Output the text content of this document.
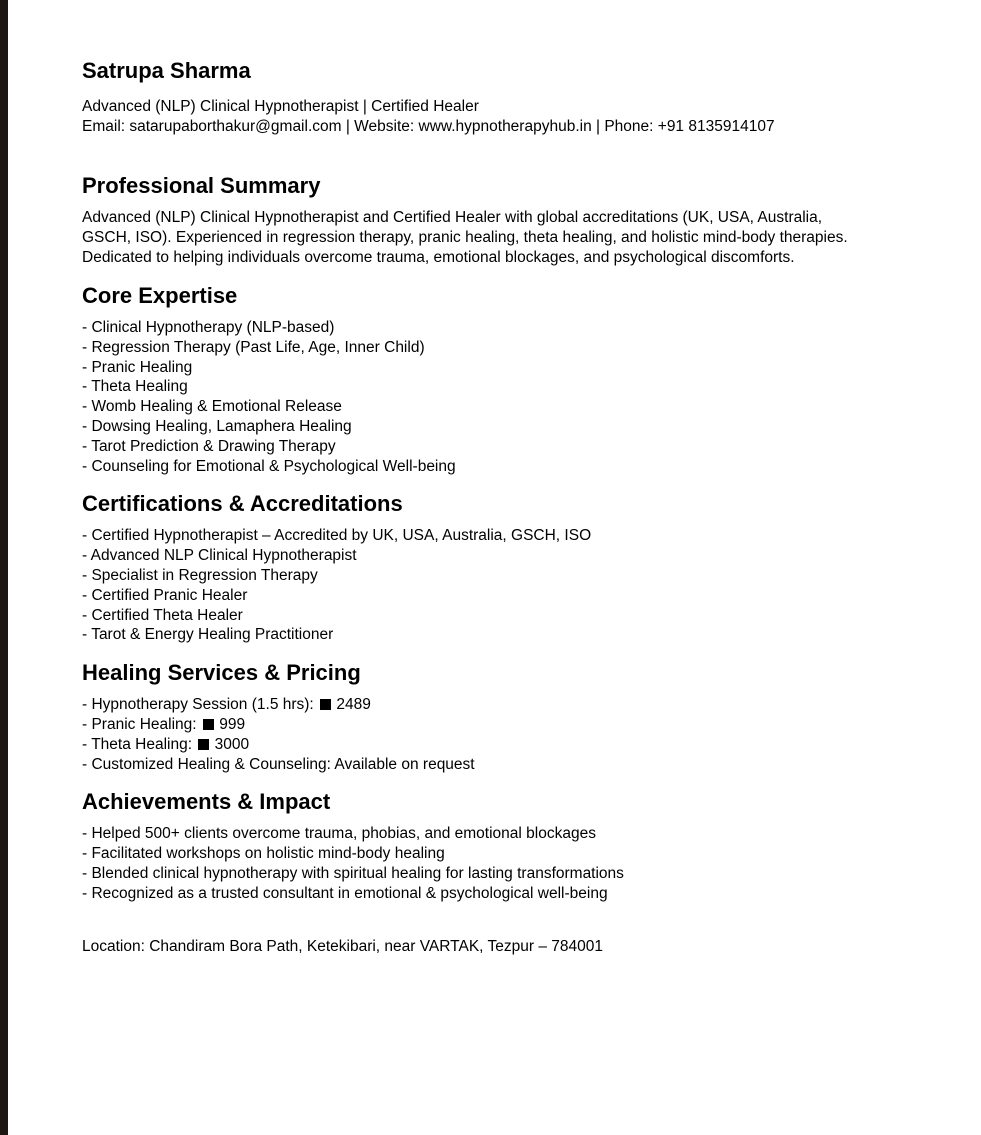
Satrupa Sharma
Advanced (NLP) Clinical Hypnotherapist | Certified Healer
Email: satarupaborthakur@gmail.com | Website: www.hypnotherapyhub.in | Phone: +91 8135914107
Professional Summary
Advanced (NLP) Clinical Hypnotherapist and Certified Healer with global accreditations (UK, USA, Australia,
GSCH, ISO). Experienced in regression therapy, pranic healing, theta healing, and holistic mind-body therapies.
Dedicated to helping individuals overcome trauma, emotional blockages, and psychological discomforts.
Core Expertise
- Clinical Hypnotherapy (NLP-based)
- Regression Therapy (Past Life, Age, Inner Child)
- Pranic Healing
- Theta Healing
- Womb Healing & Emotional Release
- Dowsing Healing, Lamaphera Healing
- Tarot Prediction & Drawing Therapy
- Counseling for Emotional & Psychological Well-being
Certifications & Accreditations
- Certified Hypnotherapist – Accredited by UK, USA, Australia, GSCH, ISO
- Advanced NLP Clinical Hypnotherapist
- Specialist in Regression Therapy
- Certified Pranic Healer
- Certified Theta Healer
- Tarot & Energy Healing Practitioner
Healing Services & Pricing
- Hypnotherapy Session (1.5 hrs):  2489
- Pranic Healing:  999
- Theta Healing:  3000
- Customized Healing & Counseling: Available on request
Achievements & Impact
- Helped 500+ clients overcome trauma, phobias, and emotional blockages
- Facilitated workshops on holistic mind-body healing
- Blended clinical hypnotherapy with spiritual healing for lasting transformations
- Recognized as a trusted consultant in emotional & psychological well-being
Location: Chandiram Bora Path, Ketekibari, near VARTAK, Tezpur – 784001
